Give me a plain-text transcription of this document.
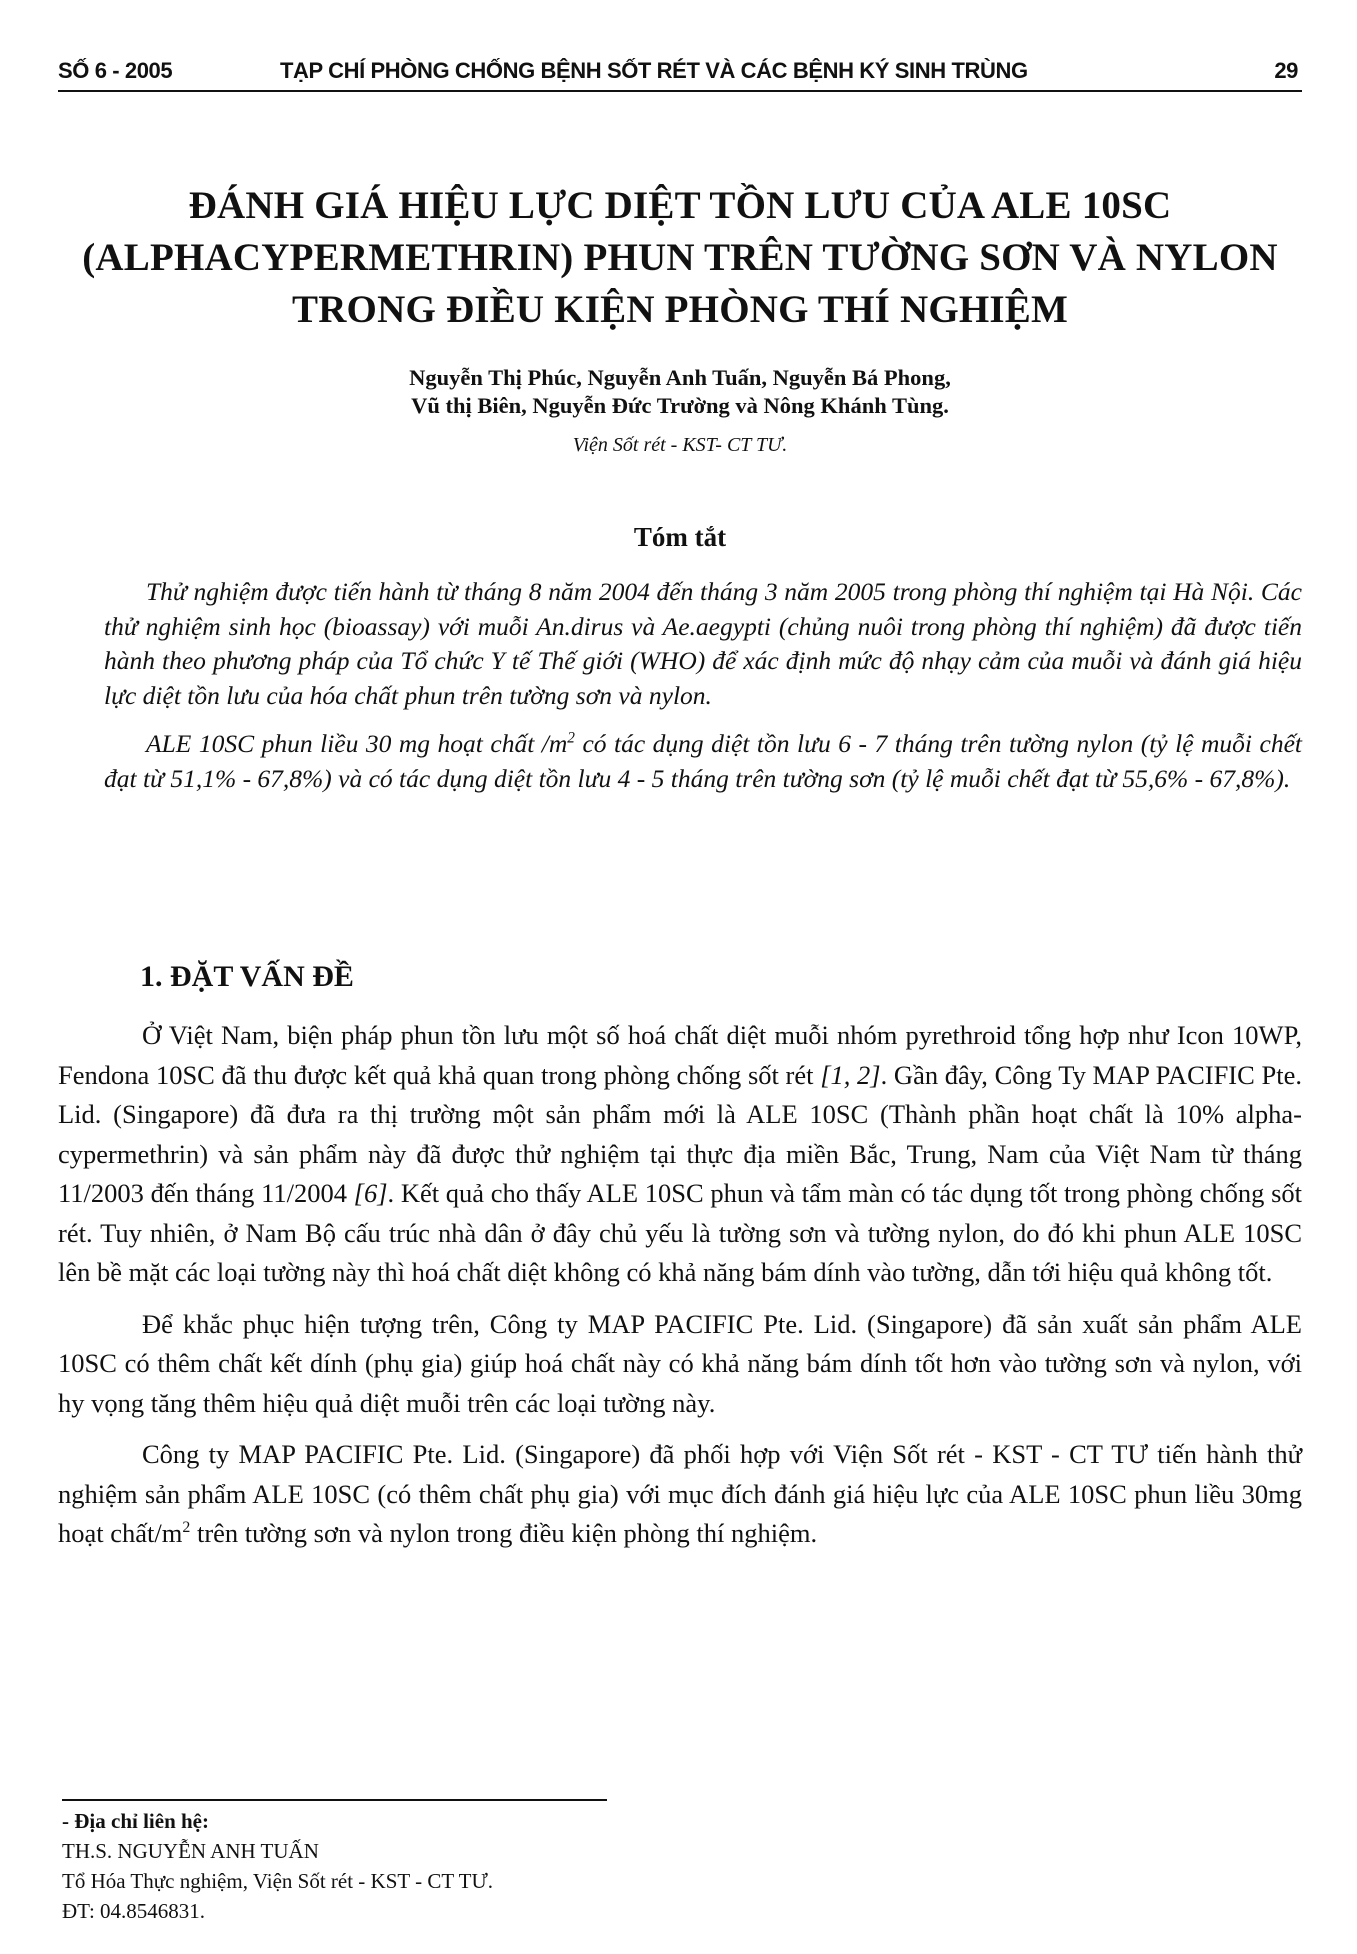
SỐ 6 - 2005	TẠP CHÍ PHÒNG CHỐNG BỆNH SỐT RÉT VÀ CÁC BỆNH KÝ SINH TRÙNG	29
ĐÁNH GIÁ HIỆU LỰC DIỆT TỒN LƯU CỦA ALE 10SC
(ALPHACYPERMETHRIN) PHUN TRÊN TƯỜNG SƠN VÀ NYLON
TRONG ĐIỀU KIỆN PHÒNG THÍ NGHIỆM
Nguyễn Thị Phúc, Nguyễn Anh Tuấn, Nguyễn Bá Phong,
Vũ thị Biên, Nguyễn Đức Trường và Nông Khánh Tùng.
Viện Sốt rét - KST- CT TƯ.
Tóm tắt

Thử nghiệm được tiến hành từ tháng 8 năm 2004 đến tháng 3 năm 2005 trong phòng thí nghiệm tại Hà Nội. Các thử nghiệm sinh học (bioassay) với muỗi An.dirus và Ae.aegypti (chủng nuôi trong phòng thí nghiệm) đã được tiến hành theo phương pháp của Tổ chức Y tế Thế giới (WHO) để xác định mức độ nhạy cảm của muỗi và đánh giá hiệu lực diệt tồn lưu của hóa chất phun trên tường sơn và nylon.

ALE 10SC phun liều 30 mg hoạt chất $/m^2$ có tác dụng diệt tồn lưu 6 - 7 tháng trên tường nylon (tỷ lệ muỗi chết đạt từ 51,1% - 67,8%) và có tác dụng diệt tồn lưu 4 - 5 tháng trên tường sơn (tỷ lệ muỗi chết đạt từ 55,6% - 67,8%).

1. ĐẶT VẤN ĐỀ

Ở Việt Nam, biện pháp phun tồn lưu một số hoá chất diệt muỗi nhóm pyrethroid tổng hợp như Icon 10WP, Fendona 10SC đã thu được kết quả khả quan trong phòng chống sốt rét [1, 2]. Gần đây, Công Ty MAP PACIFIC Pte. Lid. (Singapore) đã đưa ra thị trường một sản phẩm mới là ALE 10SC (Thành phần hoạt chất là 10% alpha-cypermethrin) và sản phẩm này đã được thử nghiệm tại thực địa miền Bắc, Trung, Nam của Việt Nam từ tháng 11/2003 đến tháng 11/2004 [6]. Kết quả cho thấy ALE 10SC phun và tẩm màn có tác dụng tốt trong phòng chống sốt rét. Tuy nhiên, ở Nam Bộ cấu trúc nhà dân ở đây chủ yếu là tường sơn và tường nylon, do đó khi phun ALE 10SC lên bề mặt các loại tường này thì hoá chất diệt không có khả năng bám dính vào tường, dẫn tới hiệu quả không tốt.

Để khắc phục hiện tượng trên, Công ty MAP PACIFIC Pte. Lid. (Singapore) đã sản xuất sản phẩm ALE 10SC có thêm chất kết dính (phụ gia) giúp hoá chất này có khả năng bám dính tốt hơn vào tường sơn và nylon, với hy vọng tăng thêm hiệu quả diệt muỗi trên các loại tường này.

Công ty MAP PACIFIC Pte. Lid. (Singapore) đã phối hợp với Viện Sốt rét - KST - CT TƯ tiến hành thử nghiệm sản phẩm ALE 10SC (có thêm chất phụ gia) với mục đích đánh giá hiệu lực của ALE 10SC phun liều 30mg hoạt chất/$m^2$ trên tường sơn và nylon trong điều kiện phòng thí nghiệm.

- Địa chỉ liên hệ:
TH.S. NGUYỄN ANH TUẤN
Tổ Hóa Thực nghiệm, Viện Sốt rét - KST - CT TƯ.
ĐT: 04.8546831.
